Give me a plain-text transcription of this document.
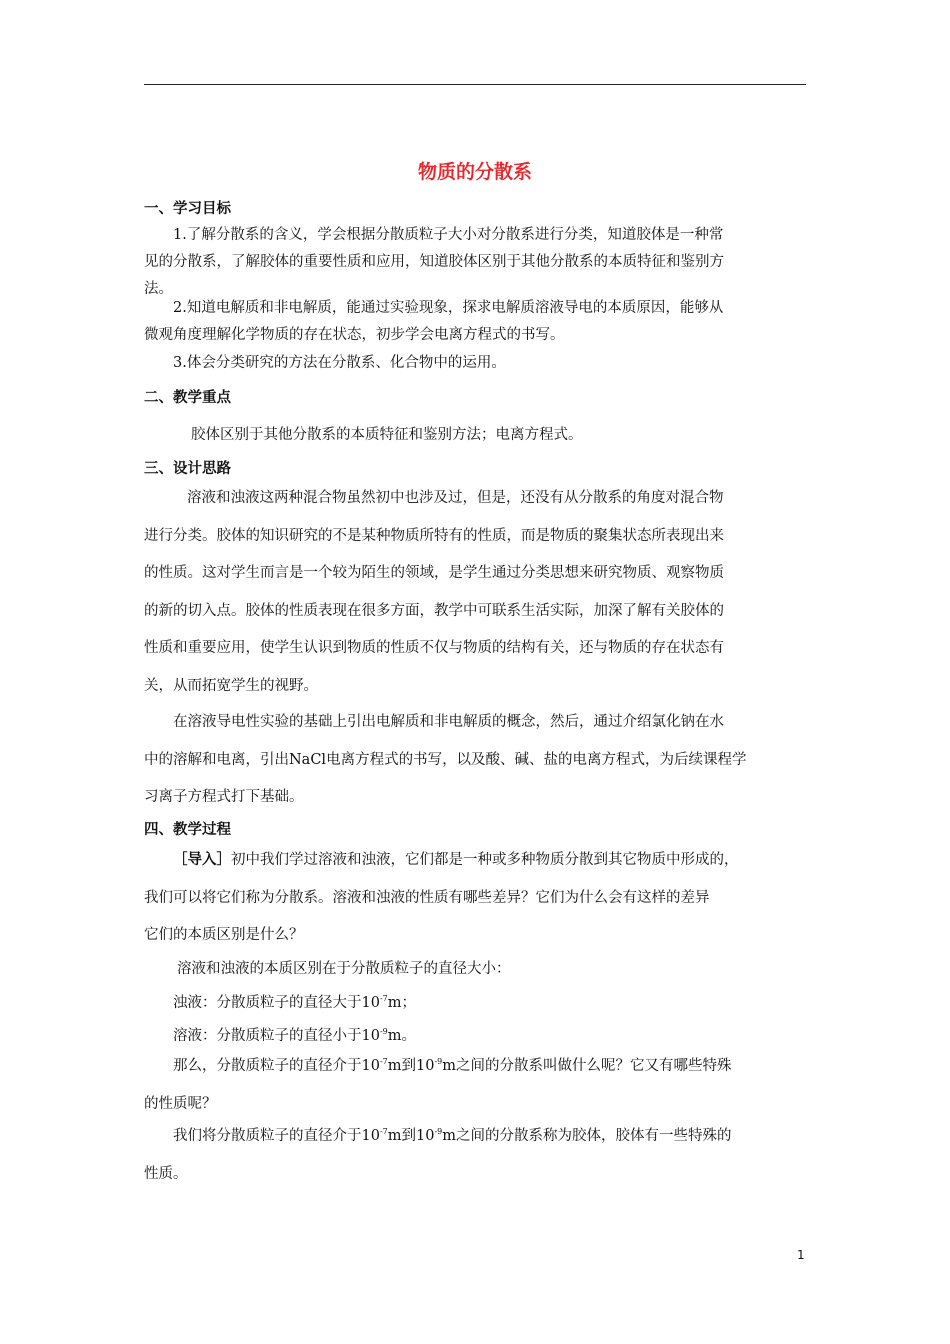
物质的分散系
一、学习目标
1.了解分散系的含义，学会根据分散质粒子大小对分散系进行分类，知道胶体是一种常
见的分散系，了解胶体的重要性质和应用，知道胶体区别于其他分散系的本质特征和鉴别方
法。
2.知道电解质和非电解质，能通过实验现象，探求电解质溶液导电的本质原因，能够从
微观角度理解化学物质的存在状态，初步学会电离方程式的书写。
3.体会分类研究的方法在分散系、化合物中的运用。
二、教学重点
胶体区别于其他分散系的本质特征和鉴别方法；电离方程式。
三、设计思路
溶液和浊液这两种混合物虽然初中也涉及过，但是，还没有从分散系的角度对混合物
进行分类。胶体的知识研究的不是某种物质所特有的性质，而是物质的聚集状态所表现出来
的性质。这对学生而言是一个较为陌生的领域，是学生通过分类思想来研究物质、观察物质
的新的切入点。胶体的性质表现在很多方面，教学中可联系生活实际，加深了解有关胶体的
性质和重要应用，使学生认识到物质的性质不仅与物质的结构有关，还与物质的存在状态有
关，从而拓宽学生的视野。
在溶液导电性实验的基础上引出电解质和非电解质的概念，然后，通过介绍氯化钠在水
中的溶解和电离，引出NaCl电离方程式的书写，以及酸、碱、盐的电离方程式，为后续课程学
习离子方程式打下基础。
四、教学过程
［导入］初中我们学过溶液和浊液，它们都是一种或多种物质分散到其它物质中形成的，
我们可以将它们称为分散系。溶液和浊液的性质有哪些差异？它们为什么会有这样的差异
它们的本质区别是什么？
溶液和浊液的本质区别在于分散质粒子的直径大小：
浊液：分散质粒子的直径大于$10^{-7}m$；
溶液：分散质粒子的直径小于$10^{-9}m$。
那么，分散质粒子的直径介于$10^{-7}m$到$10^{-9}m$之间的分散系叫做什么呢？它又有哪些特殊
的性质呢？
我们将分散质粒子的直径介于$10^{-7}m$到$10^{-9}m$之间的分散系称为胶体，胶体有一些特殊的
性质。
1
